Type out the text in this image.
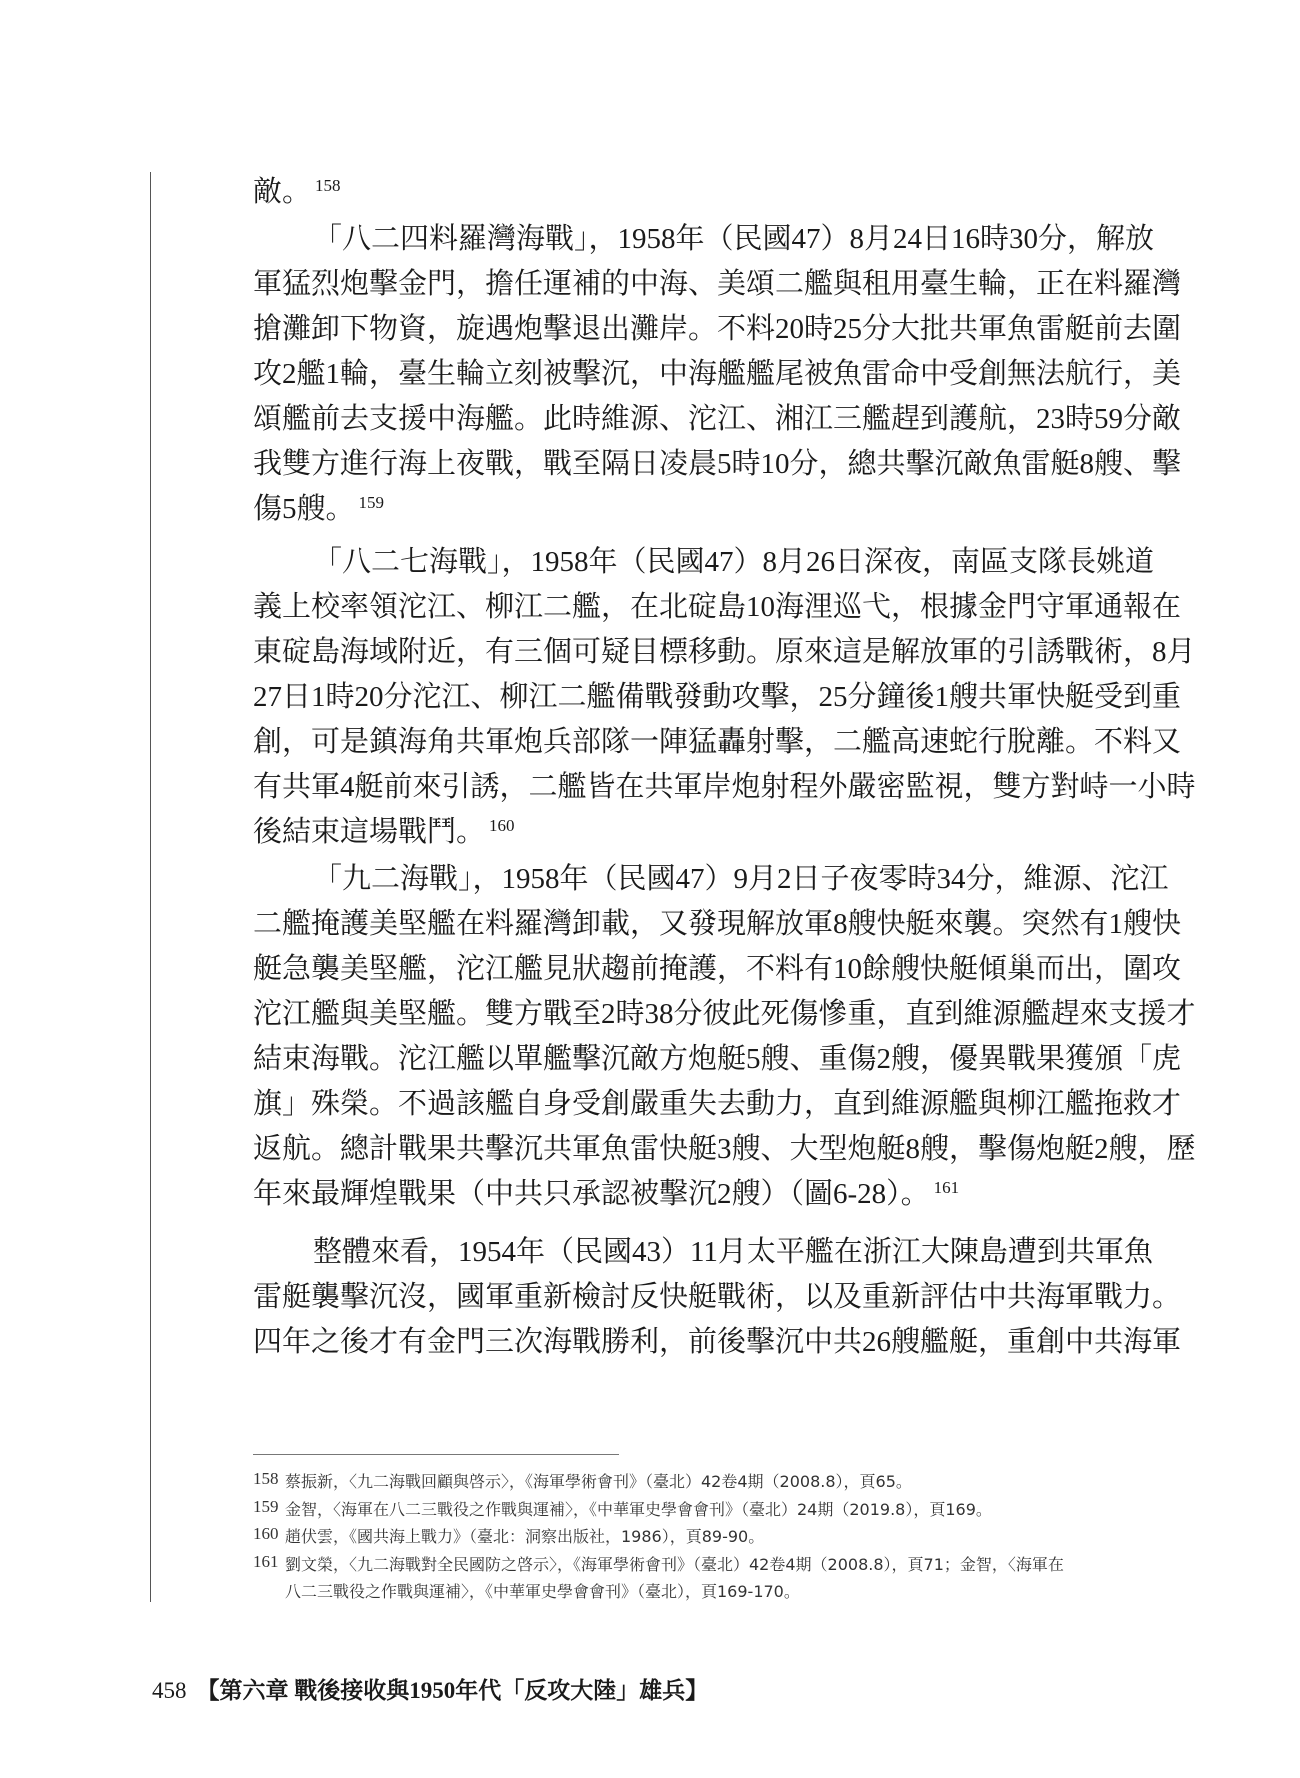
敵。 $^{158}$
「八二四料羅灣海戰」，1958年（民國47）8月24日16時30分，解放
軍猛烈炮擊金門，擔任運補的中海、美頌二艦與租用臺生輪，正在料羅灣
搶灘卸下物資，旋遇炮擊退出灘岸。不料20時25分大批共軍魚雷艇前去圍
攻2艦1輪，臺生輪立刻被擊沉，中海艦艦尾被魚雷命中受創無法航行，美
頌艦前去支援中海艦。此時維源、沱江、湘江三艦趕到護航，23時59分敵
我雙方進行海上夜戰，戰至隔日凌晨5時10分，總共擊沉敵魚雷艇8艘、擊
傷5艘。 $^{159}$
「八二七海戰」，1958年（民國47）8月26日深夜，南區支隊長姚道
義上校率領沱江、柳江二艦，在北碇島10海浬巡弋，根據金門守軍通報在
東碇島海域附近，有三個可疑目標移動。原來這是解放軍的引誘戰術，8月
27日1時20分沱江、柳江二艦備戰發動攻擊，25分鐘後1艘共軍快艇受到重
創，可是鎮海角共軍炮兵部隊一陣猛轟射擊，二艦高速蛇行脫離。不料又
有共軍4艇前來引誘，二艦皆在共軍岸炮射程外嚴密監視，雙方對峙一小時
後結束這場戰鬥。 $^{160}$
「九二海戰」，1958年（民國47）9月2日子夜零時34分，維源、沱江
二艦掩護美堅艦在料羅灣卸載，又發現解放軍8艘快艇來襲。突然有1艘快
艇急襲美堅艦，沱江艦見狀趨前掩護，不料有10餘艘快艇傾巢而出，圍攻
沱江艦與美堅艦。雙方戰至2時38分彼此死傷慘重，直到維源艦趕來支援才
結束海戰。沱江艦以單艦擊沉敵方炮艇5艘、重傷2艘，優異戰果獲頒「虎
旗」殊榮。不過該艦自身受創嚴重失去動力，直到維源艦與柳江艦拖救才
返航。總計戰果共擊沉共軍魚雷快艇3艘、大型炮艇8艘，擊傷炮艇2艘，歷
年來最輝煌戰果（中共只承認被擊沉2艘）（圖6-28）。 $^{161}$
整體來看，1954年（民國43）11月太平艦在浙江大陳島遭到共軍魚
雷艇襲擊沉沒，國軍重新檢討反快艇戰術，以及重新評估中共海軍戰力。
四年之後才有金門三次海戰勝利，前後擊沉中共26艘艦艇，重創中共海軍
158 蔡振新，〈九二海戰回顧與啓示〉，《海軍學術會刊》（臺北）42卷4期（2008.8），頁65。
159 金智，〈海軍在八二三戰役之作戰與運補〉，《中華軍史學會會刊》（臺北）24期（2019.8），頁169。
160 趙伏雲，《國共海上戰力》（臺北：洞察出版社，1986），頁89-90。
161 劉文榮，〈九二海戰對全民國防之啓示〉，《海軍學術會刊》（臺北）42卷4期（2008.8），頁71；金智，〈海軍在
八二三戰役之作戰與運補〉，《中華軍史學會會刊》（臺北），頁169-170。
458 【第六章 戰後接收與1950年代「反攻大陸」雄兵】
